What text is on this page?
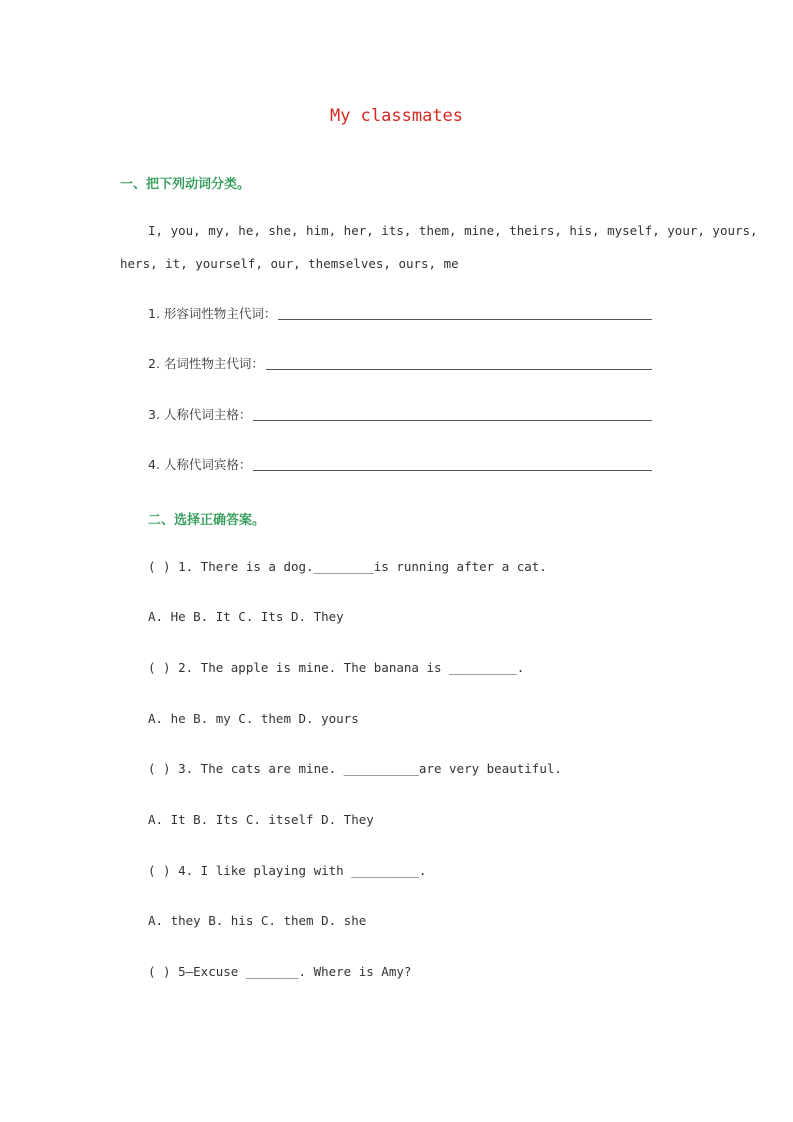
My classmates
一、把下列动词分类。
I, you, my, he, she, him, her, its, them, mine, theirs, his, myself, your, yours,
hers, it, yourself, our, themselves, ours, me
1. 形容词性物主代词：
2. 名词性物主代词：
3. 人称代词主格：
4. 人称代词宾格：
二、选择正确答案。
( ) 1. There is a dog.________is running after a cat.
A. He B. It C. Its D. They
( ) 2. The apple is mine. The banana is _________.
A. he B. my C. them D. yours
( ) 3. The cats are mine. __________are very beautiful.
A. It B. Its C. itself D. They
( ) 4. I like playing with _________.
A. they B. his C. them D. she
( ) 5—Excuse _______. Where is Amy?
